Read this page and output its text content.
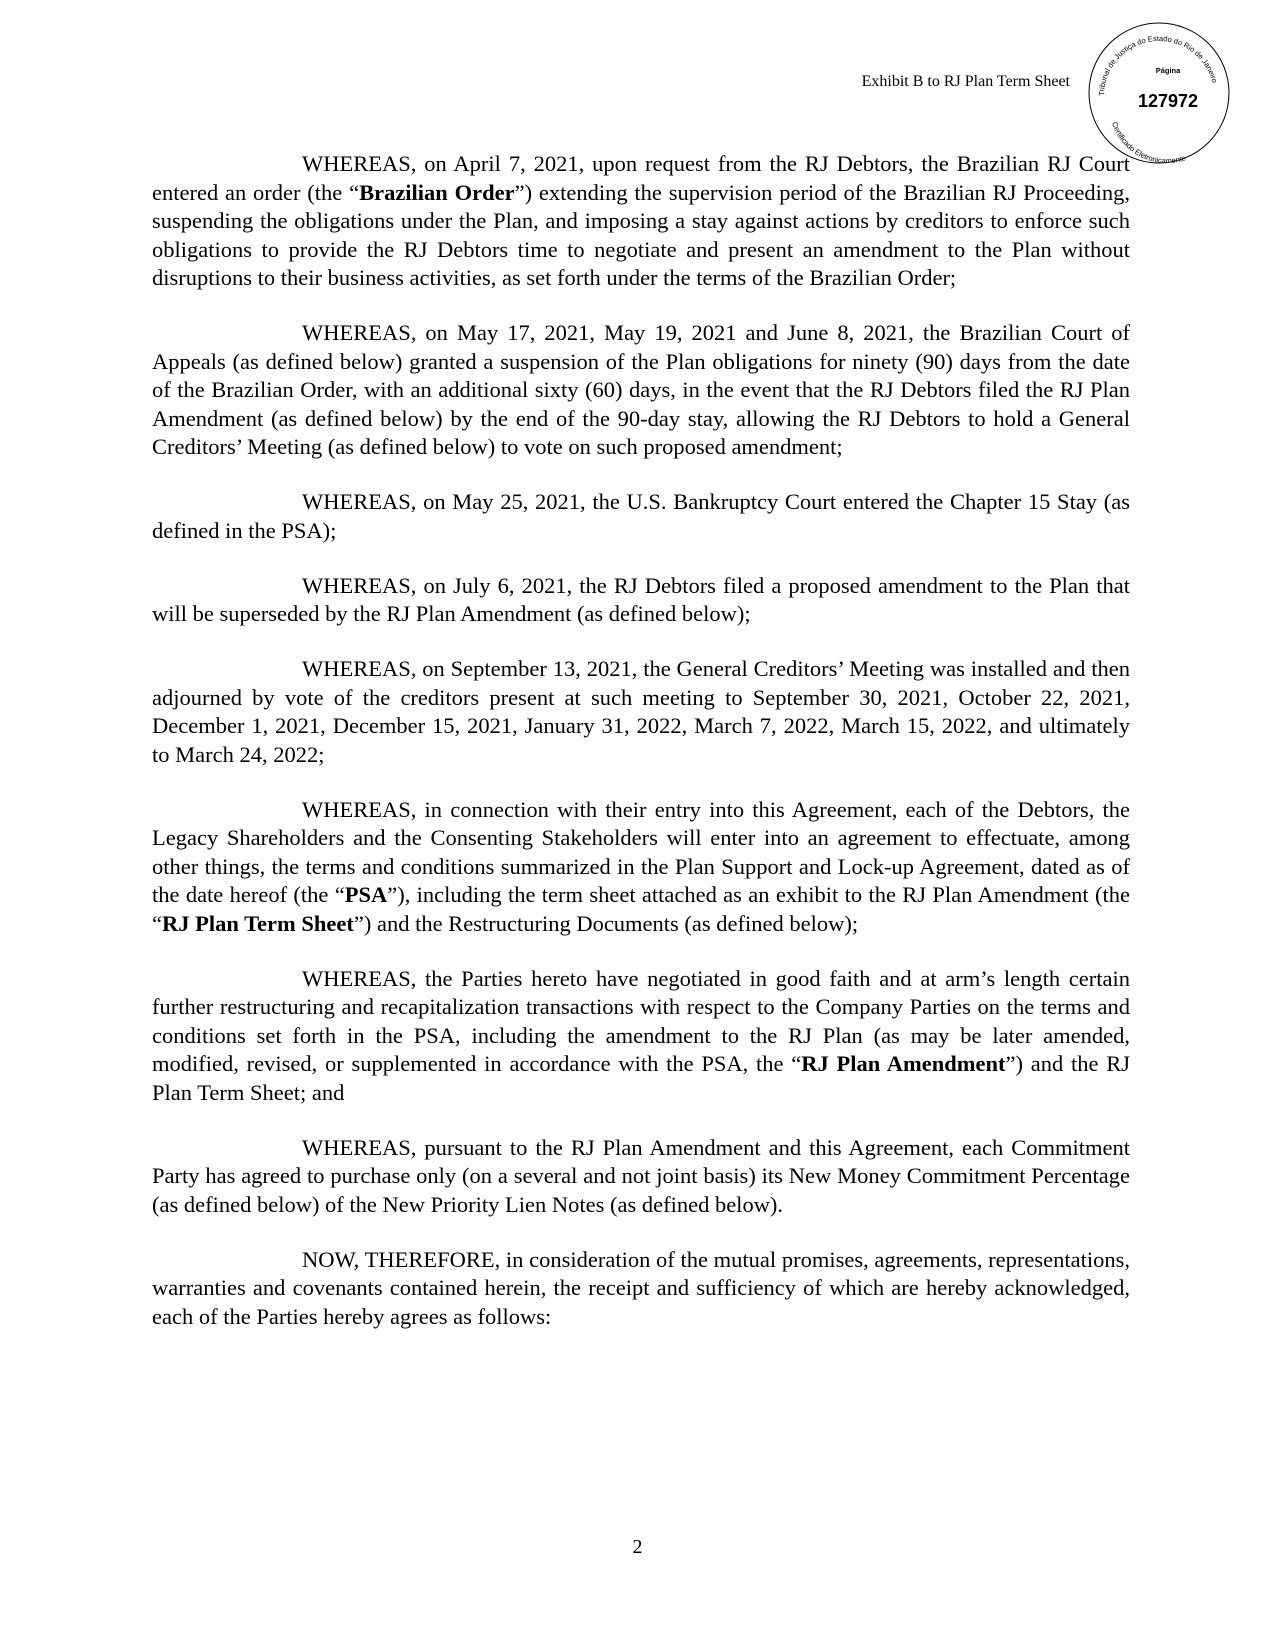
Exhibit B to RJ Plan Term Sheet
Tribunal de Justiça do Estado do Rio de Janeiro
Certificado Eletronicamente
Página
127972

WHEREAS, on April 7, 2021, upon request from the RJ Debtors, the Brazilian RJ Court entered an order (the “Brazilian Order”) extending the supervision period of the Brazilian RJ Proceeding, suspending the obligations under the Plan, and imposing a stay against actions by creditors to enforce such obligations to provide the RJ Debtors time to negotiate and present an amendment to the Plan without disruptions to their business activities, as set forth under the terms of the Brazilian Order;

WHEREAS, on May 17, 2021, May 19, 2021 and June 8, 2021, the Brazilian Court of Appeals (as defined below) granted a suspension of the Plan obligations for ninety (90) days from the date of the Brazilian Order, with an additional sixty (60) days, in the event that the RJ Debtors filed the RJ Plan Amendment (as defined below) by the end of the 90-day stay, allowing the RJ Debtors to hold a General Creditors’ Meeting (as defined below) to vote on such proposed amendment;

WHEREAS, on May 25, 2021, the U.S. Bankruptcy Court entered the Chapter 15 Stay (as defined in the PSA);

WHEREAS, on July 6, 2021, the RJ Debtors filed a proposed amendment to the Plan that will be superseded by the RJ Plan Amendment (as defined below);

WHEREAS, on September 13, 2021, the General Creditors’ Meeting was installed and then adjourned by vote of the creditors present at such meeting to September 30, 2021, October 22, 2021, December 1, 2021, December 15, 2021, January 31, 2022, March 7, 2022, March 15, 2022, and ultimately to March 24, 2022;

WHEREAS, in connection with their entry into this Agreement, each of the Debtors, the Legacy Shareholders and the Consenting Stakeholders will enter into an agreement to effectuate, among other things, the terms and conditions summarized in the Plan Support and Lock-up Agreement, dated as of the date hereof (the “PSA”), including the term sheet attached as an exhibit to the RJ Plan Amendment (the “RJ Plan Term Sheet”) and the Restructuring Documents (as defined below);

WHEREAS, the Parties hereto have negotiated in good faith and at arm’s length certain further restructuring and recapitalization transactions with respect to the Company Parties on the terms and conditions set forth in the PSA, including the amendment to the RJ Plan (as may be later amended, modified, revised, or supplemented in accordance with the PSA, the “RJ Plan Amendment”) and the RJ Plan Term Sheet; and

WHEREAS, pursuant to the RJ Plan Amendment and this Agreement, each Commitment Party has agreed to purchase only (on a several and not joint basis) its New Money Commitment Percentage (as defined below) of the New Priority Lien Notes (as defined below).

NOW, THEREFORE, in consideration of the mutual promises, agreements, representations, warranties and covenants contained herein, the receipt and sufficiency of which are hereby acknowledged, each of the Parties hereby agrees as follows:

2
